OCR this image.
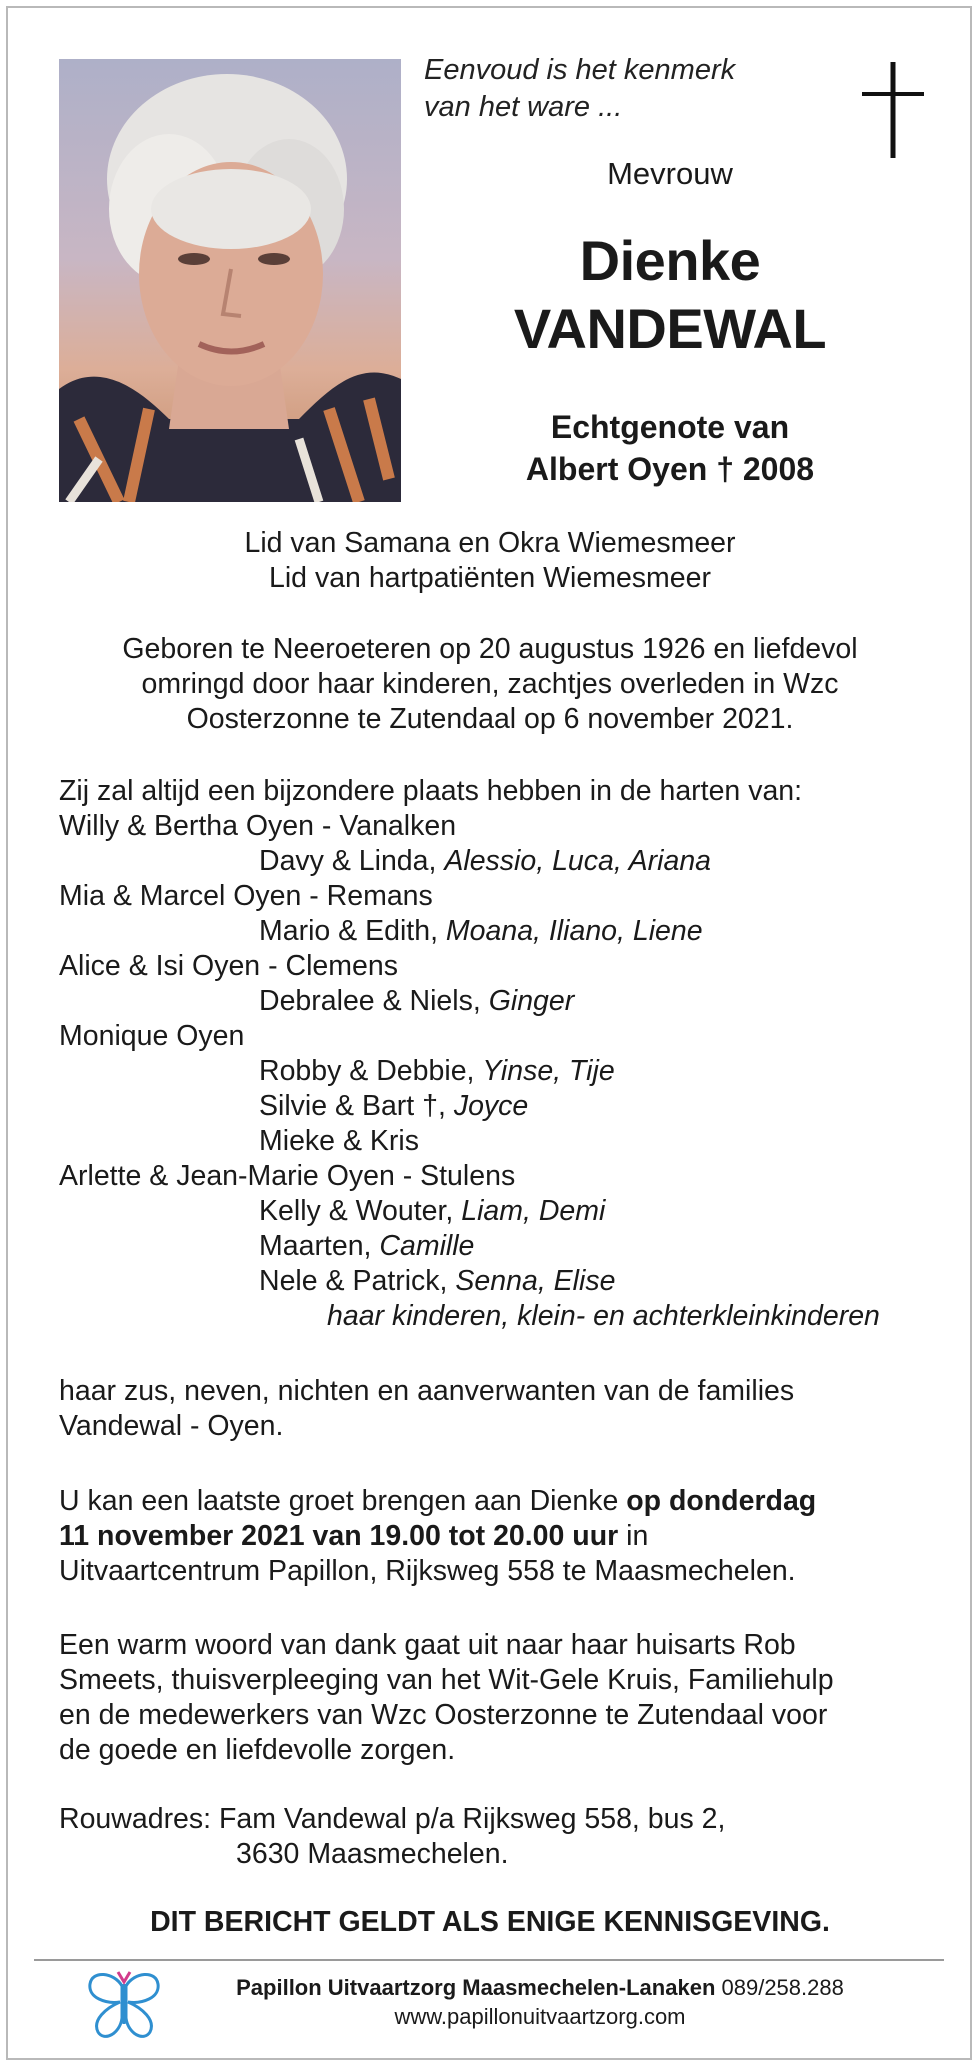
Eenvoud is het kenmerk
van het ware ...
Mevrouw
Dienke
VANDEWAL
Echtgenote van
Albert Oyen † 2008
Lid van Samana en Okra Wiemesmeer
Lid van hartpatiënten Wiemesmeer
Geboren te Neeroeteren op 20 augustus 1926 en liefdevol
omringd door haar kinderen, zachtjes overleden in Wzc
Oosterzonne te Zutendaal op 6 november 2021.
Zij zal altijd een bijzondere plaats hebben in de harten van:
Willy & Bertha Oyen - Vanalken
Davy & Linda, Alessio, Luca, Ariana
Mia & Marcel Oyen - Remans
Mario & Edith, Moana, Iliano, Liene
Alice & Isi Oyen - Clemens
Debralee & Niels, Ginger
Monique Oyen
Robby & Debbie, Yinse, Tije
Silvie & Bart †, Joyce
Mieke & Kris
Arlette & Jean-Marie Oyen - Stulens
Kelly & Wouter, Liam, Demi
Maarten, Camille
Nele & Patrick, Senna, Elise
haar kinderen, klein- en achterkleinkinderen
haar zus, neven, nichten en aanverwanten van de families
Vandewal - Oyen.
U kan een laatste groet brengen aan Dienke op donderdag
11 november 2021 van 19.00 tot 20.00 uur in
Uitvaartcentrum Papillon, Rijksweg 558 te Maasmechelen.
Een warm woord van dank gaat uit naar haar huisarts Rob
Smeets, thuisverpleeging van het Wit-Gele Kruis, Familiehulp
en de medewerkers van Wzc Oosterzonne te Zutendaal voor
de goede en liefdevolle zorgen.
Rouwadres: Fam Vandewal p/a Rijksweg 558, bus 2,
3630 Maasmechelen.
DIT BERICHT GELDT ALS ENIGE KENNISGEVING.
Papillon Uitvaartzorg Maasmechelen-Lanaken 089/258.288
www.papillonuitvaartzorg.com
